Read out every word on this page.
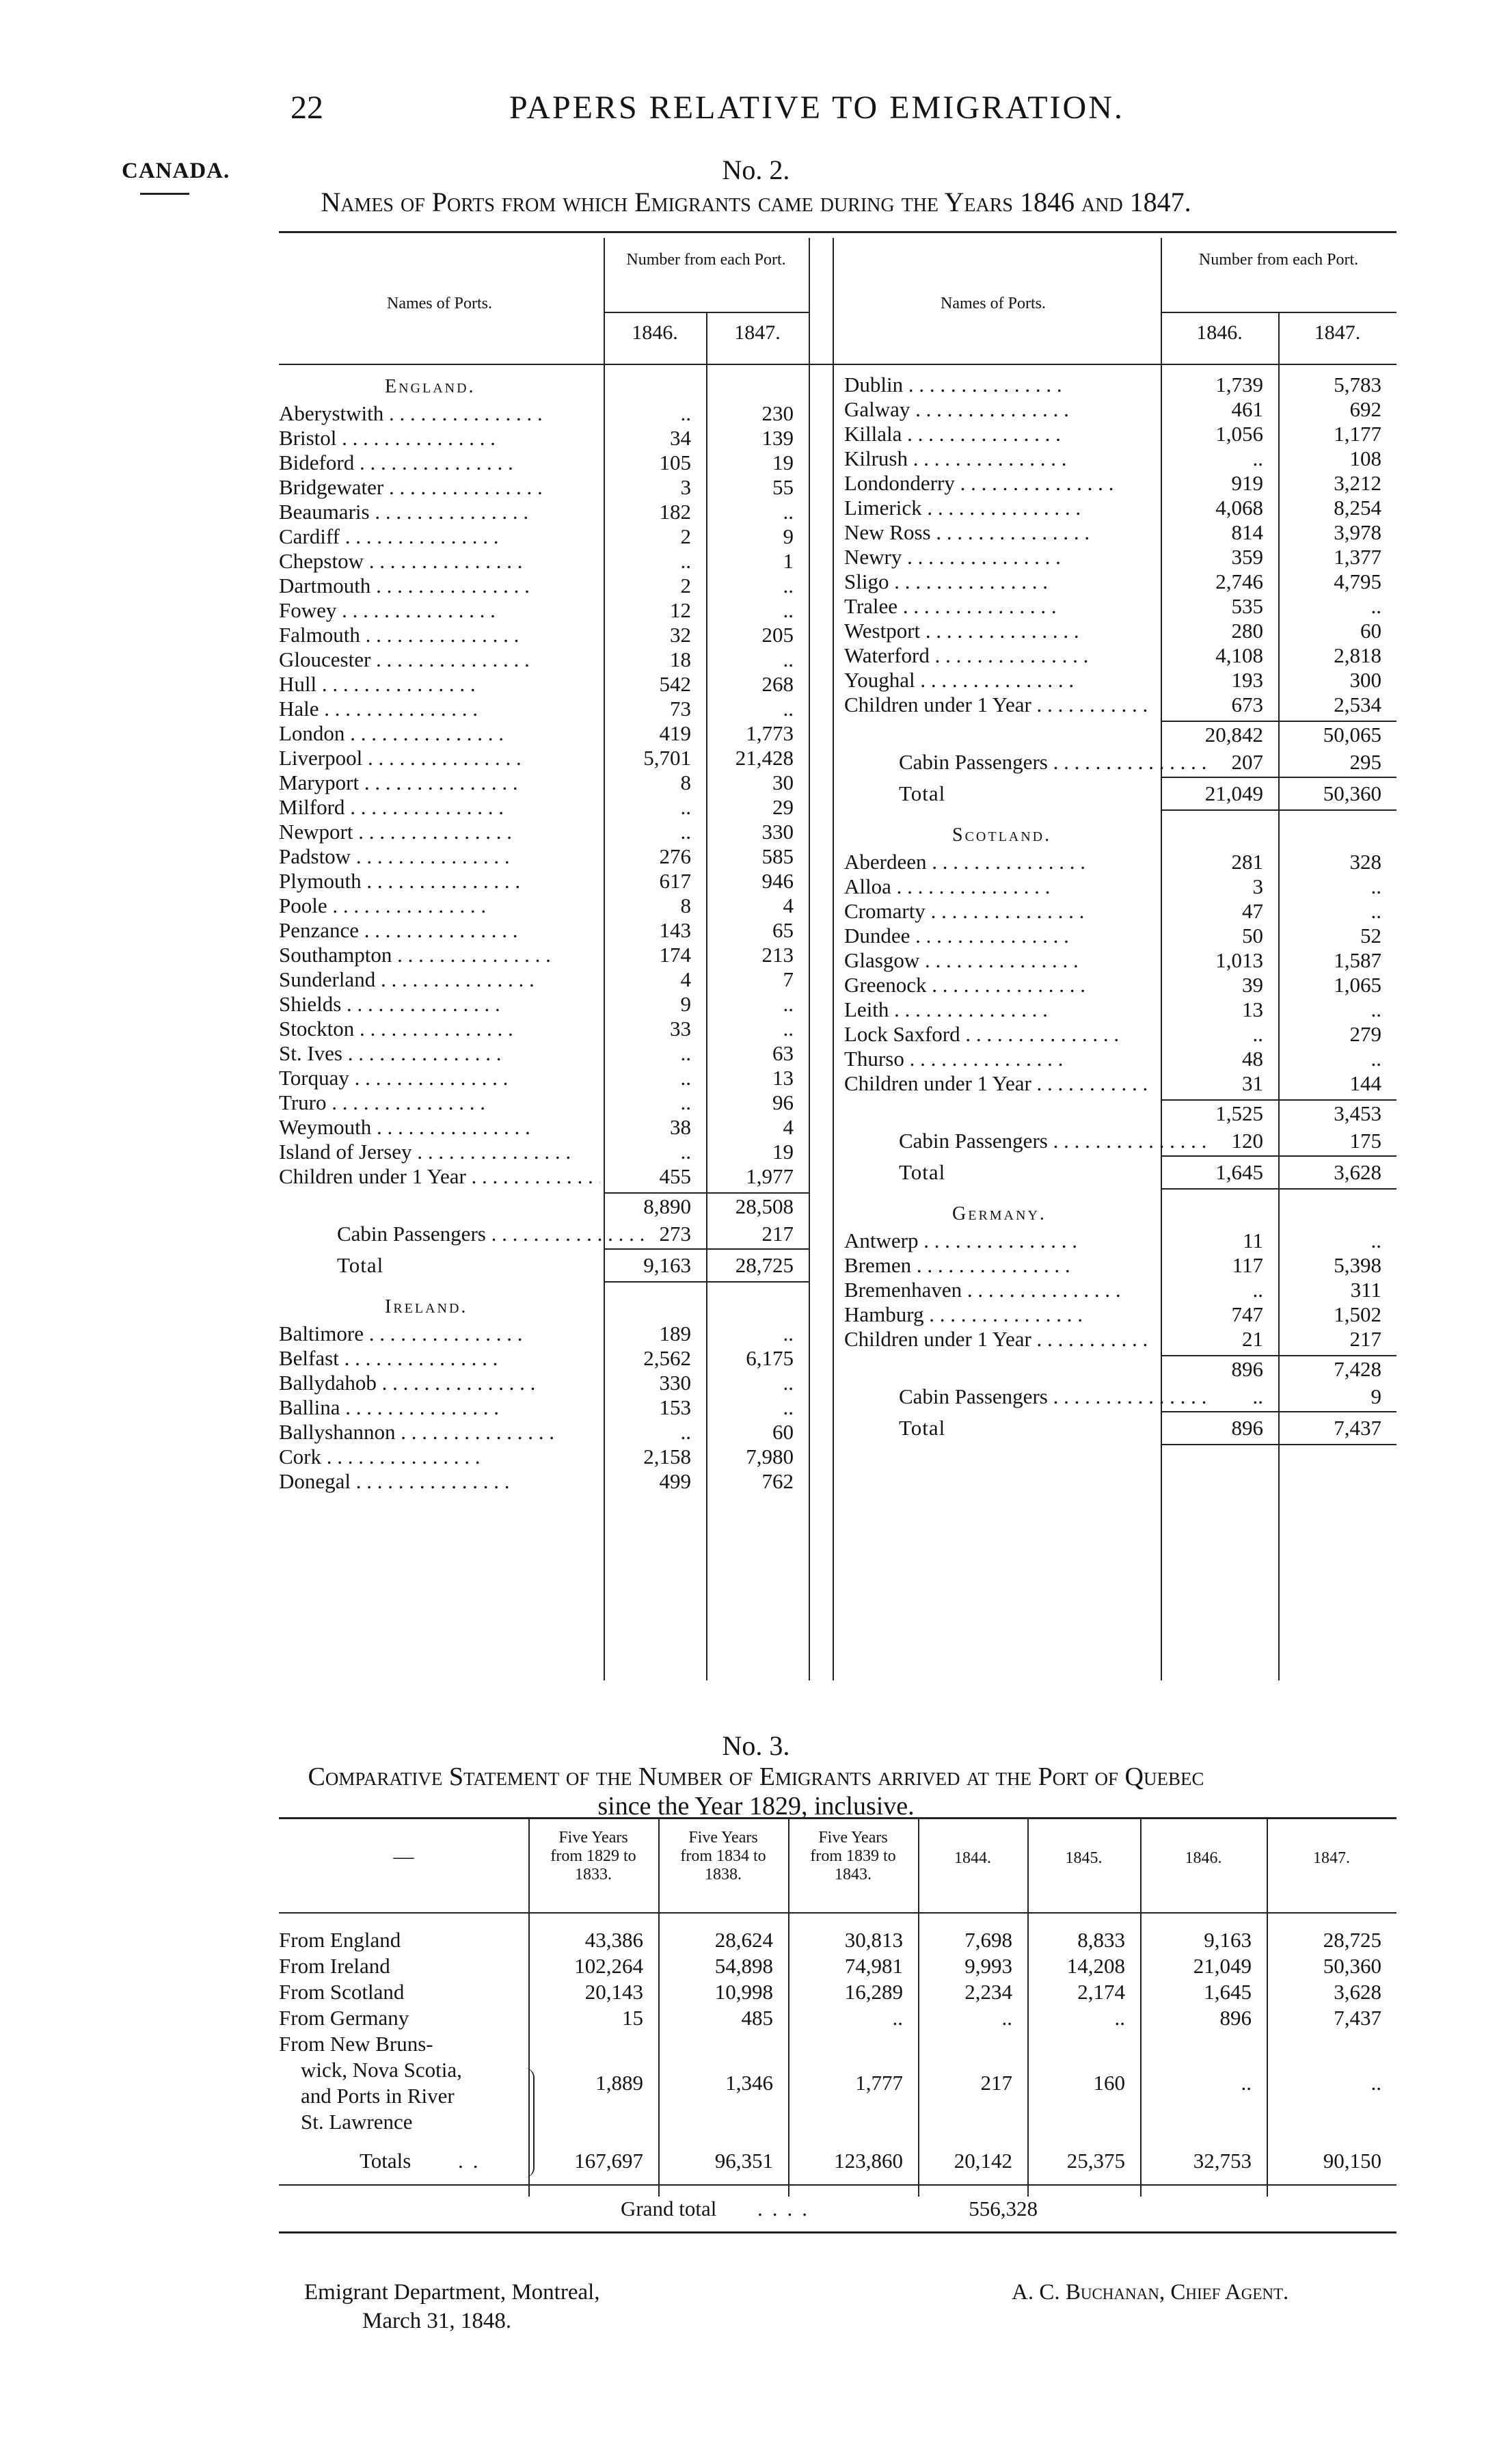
22	PAPERS RELATIVE TO EMIGRATION.
CANADA.	No. 2.
Names of Ports from which Emigrants came during the Years 1846 and 1847.
Names of Ports.
Number from each Port.
1846.	1847.
Names of Ports.
Number from each Port.
1846.	1847.
England.
Aberystwith . .	..	230
Bristol . .	34	139
Bideford . .	105	19
Bridgewater . .	3	55
Beaumaris . .	182	..
Cardiff . .	2	9
Chepstow . .	..	1
Dartmouth . .	2	..
Fowey . .	12	..
Falmouth . .	32	205
Gloucester . .	18	..
Hull . .	542	268
Hale . .	73	..
London . .	419	1,773
Liverpool . .	5,701	21,428
Maryport . .	8	30
Milford . .	..	29
Newport . .	..	330
Padstow . .	276	585
Plymouth . .	617	946
Poole . .	8	4
Penzance . .	143	65
Southampton . .	174	213
Sunderland . .	4	7
Shields . .	9	..
Stockton . .	33	..
St. Ives . .	..	63
Torquay . .	..	13
Truro . .	..	96
Weymouth . .	38	4
Island of Jersey . .	..	19
Children under 1 Year . .	455	1,977
8,890	28,508
Cabin Passengers . .	273	217
Total	9,163	28,725
Ireland.
Baltimore . .	189	..
Belfast . .	2,562	6,175
Ballydahob . .	330	..
Ballina . .	153	..
Ballyshannon . .	..	60
Cork . .	2,158	7,980
Donegal . .	499	762
Dublin . .	1,739	5,783
Galway . .	461	692
Killala . .	1,056	1,177
Kilrush . .	..	108
Londonderry . .	919	3,212
Limerick . .	4,068	8,254
New Ross . .	814	3,978
Newry . .	359	1,377
Sligo . .	2,746	4,795
Tralee . .	535	..
Westport . .	280	60
Waterford . .	4,108	2,818
Youghal . .	193	300
Children under 1 Year . .	673	2,534
20,842	50,065
Cabin Passengers . .	207	295
Total	21,049	50,360
Scotland.
Aberdeen . .	281	328
Alloa . .	3	..
Cromarty . .	47	..
Dundee . .	50	52
Glasgow . .	1,013	1,587
Greenock . .	39	1,065
Leith . .	13	..
Lock Saxford . .	..	279
Thurso . .	48	..
Children under 1 Year . .	31	144
1,525	3,453
Cabin Passengers . .	120	175
Total	1,645	3,628
Germany.
Antwerp . .	11	..
Bremen . .	117	5,398
Bremenhaven . .	..	311
Hamburg . .	747	1,502
Children under 1 Year . .	21	217
896	7,428
Cabin Passengers . .	..	9
Total	896	7,437
No. 3.
Comparative Statement of the Number of Emigrants arrived at the Port of Quebec
since the Year 1829, inclusive.
—
Five Years from 1829 to 1833.
Five Years from 1834 to 1838.
Five Years from 1839 to 1843.
1844.	1845.	1846.	1847.
From England	43,386	28,624	30,813	7,698	8,833	9,163	28,725
From Ireland	102,264	54,898	74,981	9,993	14,208	21,049	50,360
From Scotland	20,143	10,998	16,289	2,234	2,174	1,645	3,628
From Germany	15	485	..	..	..	896	7,437
From New Bruns-
wick, Nova Scotia,
and Ports in River
St. Lawrence
1,889	1,346	1,777	217	160	..	..
Totals ..	167,697	96,351	123,860	20,142	25,375	32,753	90,150
Grand total ....	556,328
Emigrant Department, Montreal,
March 31, 1848.
A. C. Buchanan, Chief Agent.
